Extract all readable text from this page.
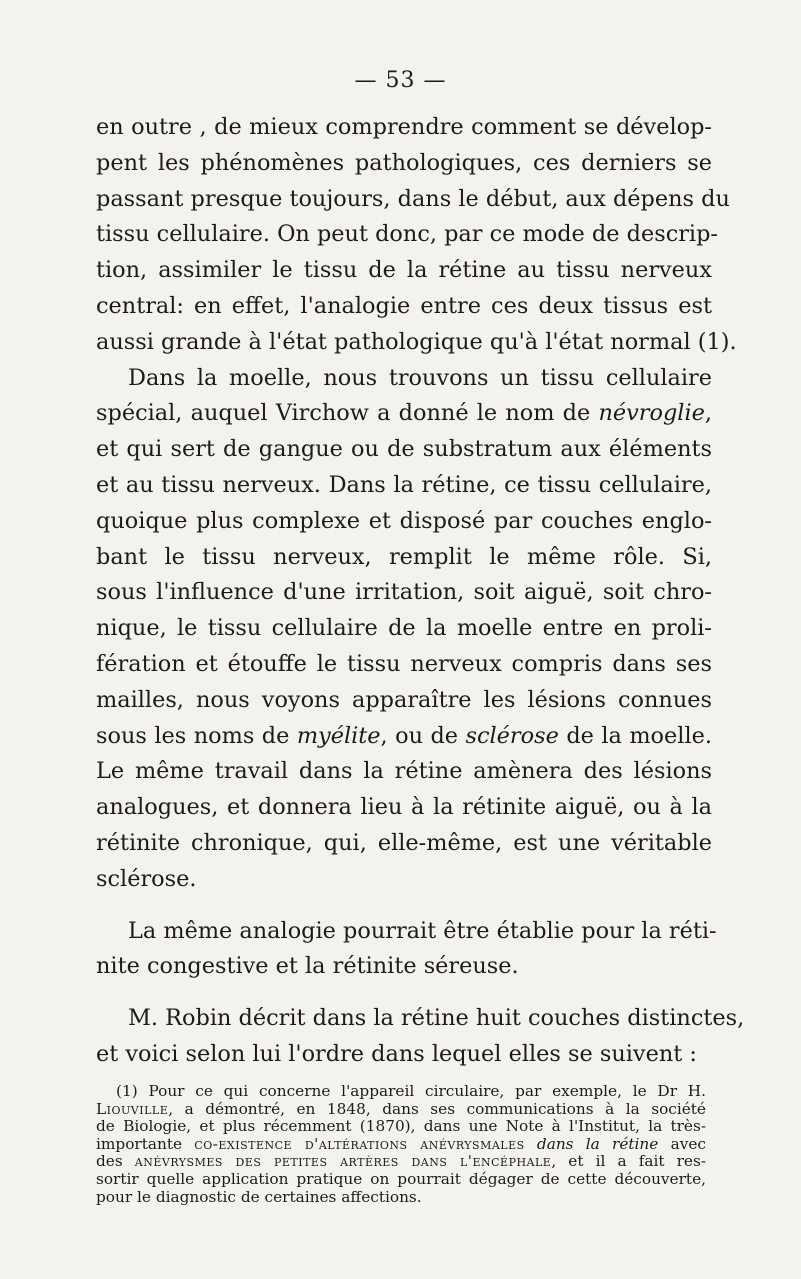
— 53 —
en outre , de mieux comprendre comment se dévelop-
pent les phénomènes pathologiques, ces derniers se
passant presque toujours, dans le début, aux dépens du
tissu cellulaire. On peut donc, par ce mode de descrip-
tion, assimiler le tissu de la rétine au tissu nerveux
central: en effet, l'analogie entre ces deux tissus est
aussi grande à l'état pathologique qu'à l'état normal (1).
Dans la moelle, nous trouvons un tissu cellulaire
spécial, auquel Virchow a donné le nom de névroglie,
et qui sert de gangue ou de substratum aux éléments
et au tissu nerveux. Dans la rétine, ce tissu cellulaire,
quoique plus complexe et disposé par couches englo-
bant le tissu nerveux, remplit le même rôle. Si,
sous l'influence d'une irritation, soit aiguë, soit chro-
nique, le tissu cellulaire de la moelle entre en proli-
fération et étouffe le tissu nerveux compris dans ses
mailles, nous voyons apparaître les lésions connues
sous les noms de myélite, ou de sclérose de la moelle.
Le même travail dans la rétine amènera des lésions
analogues, et donnera lieu à la rétinite aiguë, ou à la
rétinite chronique, qui, elle-même, est une véritable
sclérose.
La même analogie pourrait être établie pour la réti-
nite congestive et la rétinite séreuse.
M. Robin décrit dans la rétine huit couches distinctes,
et voici selon lui l'ordre dans lequel elles se suivent :
(1) Pour ce qui concerne l'appareil circulaire, par exemple, le Dr H.
Liouville, a démontré, en 1848, dans ses communications à la société
de Biologie, et plus récemment (1870), dans une Note à l'Institut, la très-
importante co-existence d'altérations anévrysmales dans la rétine avec
des anévrysmes des petites artères dans l'encéphale, et il a fait res-
sortir quelle application pratique on pourrait dégager de cette découverte,
pour le diagnostic de certaines affections.
